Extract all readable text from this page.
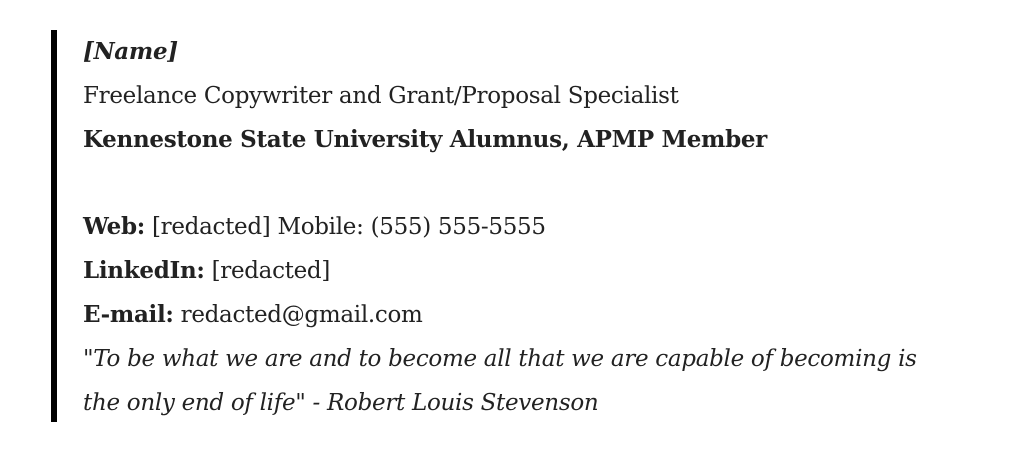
[Name]
Freelance Copywriter and Grant/Proposal Specialist
Kennestone State University Alumnus, APMP Member
Web: [redacted] Mobile: (555) 555-5555
LinkedIn: [redacted]
E-mail: redacted@gmail.com
"To be what we are and to become all that we are capable of becoming is
the only end of life" - Robert Louis Stevenson
